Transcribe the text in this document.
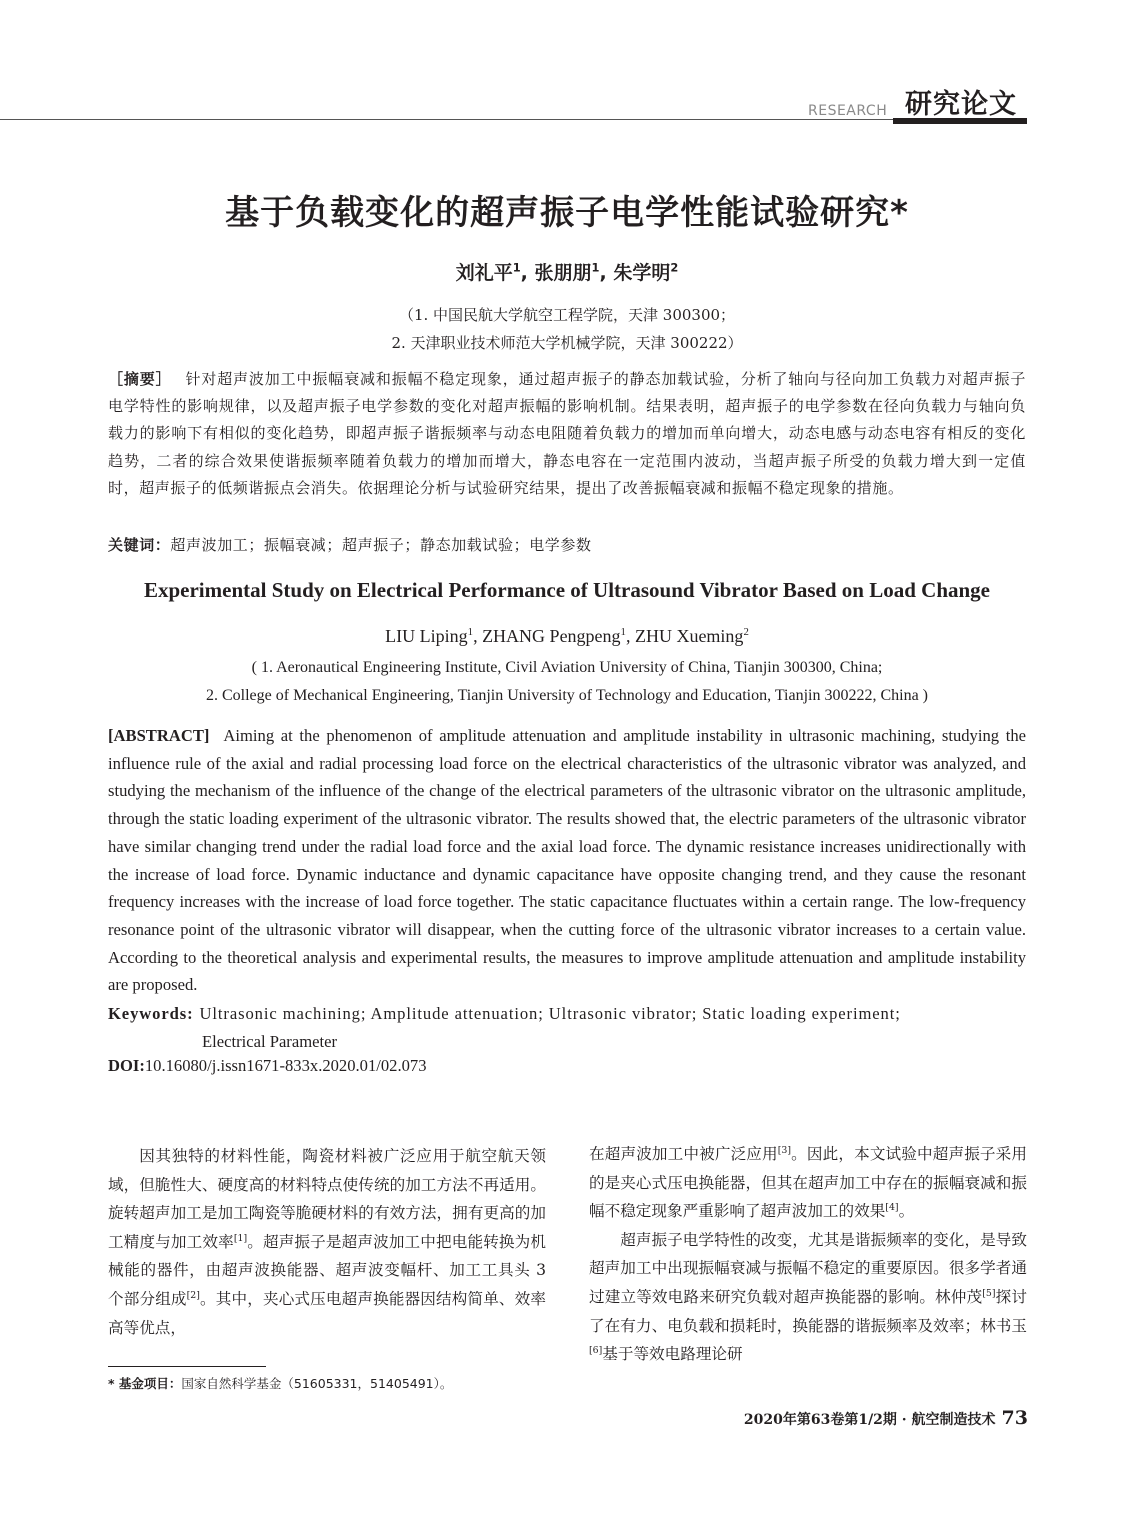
RESEARCH 研究论文
基于负载变化的超声振子电学性能试验研究*
刘礼平$^1$, 张朋朋$^1$, 朱学明$^2$
（1. 中国民航大学航空工程学院，天津 300300；
2. 天津职业技术师范大学机械学院，天津 300222）
［摘要］ 针对超声波加工中振幅衰减和振幅不稳定现象，通过超声振子的静态加载试验，分析了轴向与径向加工负载力对超声振子电学特性的影响规律，以及超声振子电学参数的变化对超声振幅的影响机制。结果表明，超声振子的电学参数在径向负载力与轴向负载力的影响下有相似的变化趋势，即超声振子谐振频率与动态电阻随着负载力的增加而单向增大，动态电感与动态电容有相反的变化趋势，二者的综合效果使谐振频率随着负载力的增加而增大，静态电容在一定范围内波动，当超声振子所受的负载力增大到一定值时，超声振子的低频谐振点会消失。依据理论分析与试验研究结果，提出了改善振幅衰减和振幅不稳定现象的措施。
关键词：超声波加工；振幅衰减；超声振子；静态加载试验；电学参数
Experimental Study on Electrical Performance of Ultrasound Vibrator Based on Load Change
LIU Liping$^1$, ZHANG Pengpeng$^1$, ZHU Xueming$^2$
( 1. Aeronautical Engineering Institute, Civil Aviation University of China, Tianjin 300300, China;
2. College of Mechanical Engineering, Tianjin University of Technology and Education, Tianjin 300222, China )
[ABSTRACT] Aiming at the phenomenon of amplitude attenuation and amplitude instability in ultrasonic machining, studying the influence rule of the axial and radial processing load force on the electrical characteristics of the ultrasonic vibrator was analyzed, and studying the mechanism of the influence of the change of the electrical parameters of the ultrasonic vibrator on the ultrasonic amplitude, through the static loading experiment of the ultrasonic vibrator. The results showed that, the electric parameters of the ultrasonic vibrator have similar changing trend under the radial load force and the axial load force. The dynamic resistance increases unidirectionally with the increase of load force. Dynamic inductance and dynamic capacitance have opposite changing trend, and they cause the resonant frequency increases with the increase of load force together. The static capacitance fluctuates within a certain range. The low-frequency resonance point of the ultrasonic vibrator will disappear, when the cutting force of the ultrasonic vibrator increases to a certain value. According to the theoretical analysis and experimental results, the measures to improve amplitude attenuation and amplitude instability are proposed.
Keywords: Ultrasonic machining; Amplitude attenuation; Ultrasonic vibrator; Static loading experiment;
Electrical Parameter
DOI:10.16080/j.issn1671-833x.2020.01/02.073

因其独特的材料性能，陶瓷材料被广泛应用于航空航天领域，但脆性大、硬度高的材料特点使传统的加工方法不再适用。旋转超声加工是加工陶瓷等脆硬材料的有效方法，拥有更高的加工精度与加工效率[1]。超声振子是超声波加工中把电能转换为机械能的器件，由超声波换能器、超声波变幅杆、加工工具头 3 个部分组成[2]。其中，夹心式压电超声换能器因结构简单、效率高等优点，

在超声波加工中被广泛应用[3]。因此，本文试验中超声振子采用的是夹心式压电换能器，但其在超声加工中存在的振幅衰减和振幅不稳定现象严重影响了超声波加工的效果[4]。

超声振子电学特性的改变，尤其是谐振频率的变化，是导致超声加工中出现振幅衰减与振幅不稳定的重要原因。很多学者通过建立等效电路来研究负载对超声换能器的影响。林仲茂[5]探讨了在有力、电负载和损耗时，换能器的谐振频率及效率；林书玉[6]基于等效电路理论研

* 基金项目：国家自然科学基金（51605331，51405491）。
2020年第63卷第1/2期 · 航空制造技术 73
